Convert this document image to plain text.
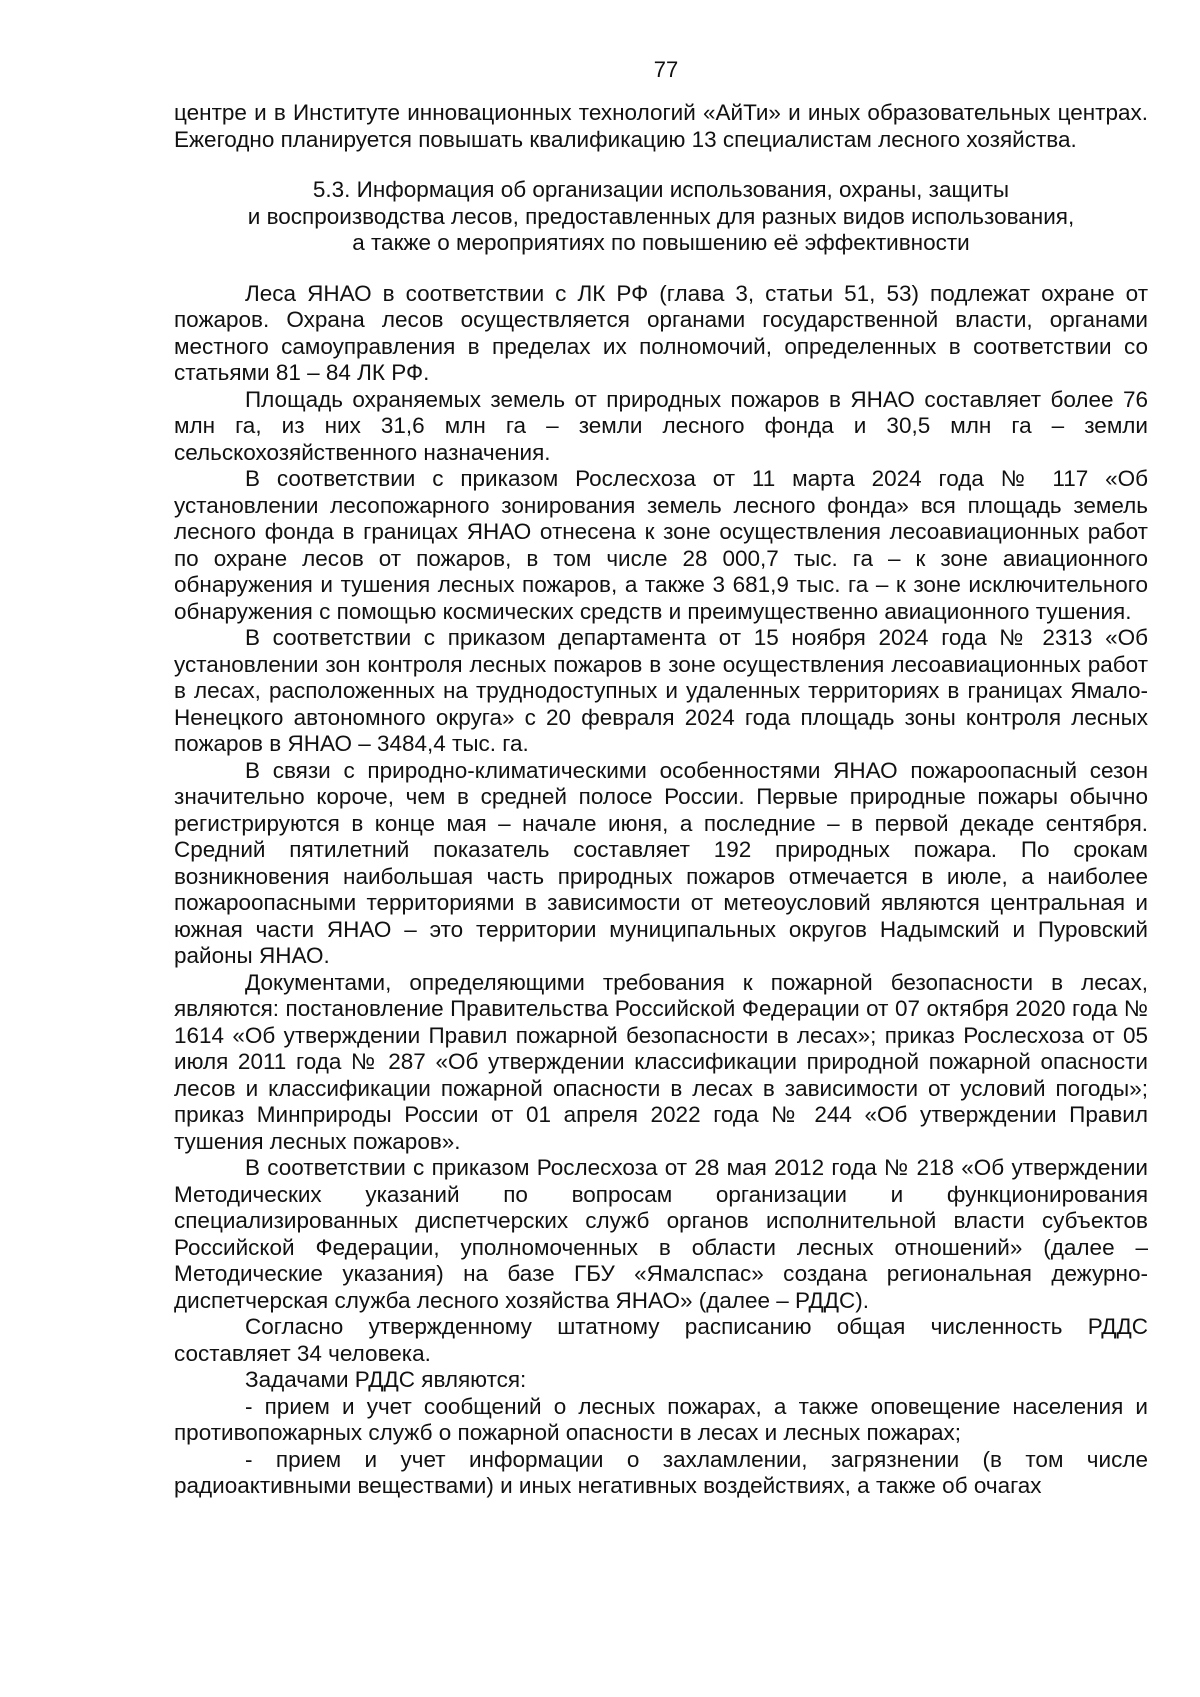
77

центре и в Институте инновационных технологий «АйТи» и иных образовательных центрах. Ежегодно планируется повышать квалификацию 13 специалистам лесного хозяйства.

5.3. Информация об организации использования, охраны, защиты
и воспроизводства лесов, предоставленных для разных видов использования,
а также о мероприятиях по повышению её эффективности

Леса ЯНАО в соответствии с ЛК РФ (глава 3, статьи 51, 53) подлежат охране от пожаров. Охрана лесов осуществляется органами государственной власти, органами местного самоуправления в пределах их полномочий, определенных в соответствии со статьями 81 – 84 ЛК РФ.

Площадь охраняемых земель от природных пожаров в ЯНАО составляет более 76 млн га, из них 31,6 млн га – земли лесного фонда и 30,5 млн га – земли сельскохозяйственного назначения.

В соответствии с приказом Рослесхоза от 11 марта 2024 года № 117 «Об установлении лесопожарного зонирования земель лесного фонда» вся площадь земель лесного фонда в границах ЯНАО отнесена к зоне осуществления лесоавиационных работ по охране лесов от пожаров, в том числе 28 000,7 тыс. га – к зоне авиационного обнаружения и тушения лесных пожаров, а также 3 681,9 тыс. га – к зоне исключительного обнаружения с помощью космических средств и преимущественно авиационного тушения.

В соответствии с приказом департамента от 15 ноября 2024 года № 2313 «Об установлении зон контроля лесных пожаров в зоне осуществления лесоавиационных работ в лесах, расположенных на труднодоступных и удаленных территориях в границах Ямало-Ненецкого автономного округа» с 20 февраля 2024 года площадь зоны контроля лесных пожаров в ЯНАО – 3484,4 тыс. га.

В связи с природно-климатическими особенностями ЯНАО пожароопасный сезон значительно короче, чем в средней полосе России. Первые природные пожары обычно регистрируются в конце мая – начале июня, а последние – в первой декаде сентября. Средний пятилетний показатель составляет 192 природных пожара. По срокам возникновения наибольшая часть природных пожаров отмечается в июле, а наиболее пожароопасными территориями в зависимости от метеоусловий являются центральная и южная части ЯНАО – это территории муниципальных округов Надымский и Пуровский районы ЯНАО.

Документами, определяющими требования к пожарной безопасности в лесах, являются: постановление Правительства Российской Федерации от 07 октября 2020 года № 1614 «Об утверждении Правил пожарной безопасности в лесах»; приказ Рослесхоза от 05 июля 2011 года № 287 «Об утверждении классификации природной пожарной опасности лесов и классификации пожарной опасности в лесах в зависимости от условий погоды»; приказ Минприроды России от 01 апреля 2022 года № 244 «Об утверждении Правил тушения лесных пожаров».

В соответствии с приказом Рослесхоза от 28 мая 2012 года № 218 «Об утверждении Методических указаний по вопросам организации и функционирования специализированных диспетчерских служб органов исполнительной власти субъектов Российской Федерации, уполномоченных в области лесных отношений» (далее – Методические указания) на базе ГБУ «Ямалспас» создана региональная дежурно-диспетчерская служба лесного хозяйства ЯНАО» (далее – РДДС).

Согласно утвержденному штатному расписанию общая численность РДДС составляет 34 человека.

Задачами РДДС являются:

- прием и учет сообщений о лесных пожарах, а также оповещение населения и противопожарных служб о пожарной опасности в лесах и лесных пожарах;

- прием и учет информации о захламлении, загрязнении (в том числе радиоактивными веществами) и иных негативных воздействиях, а также об очагах
